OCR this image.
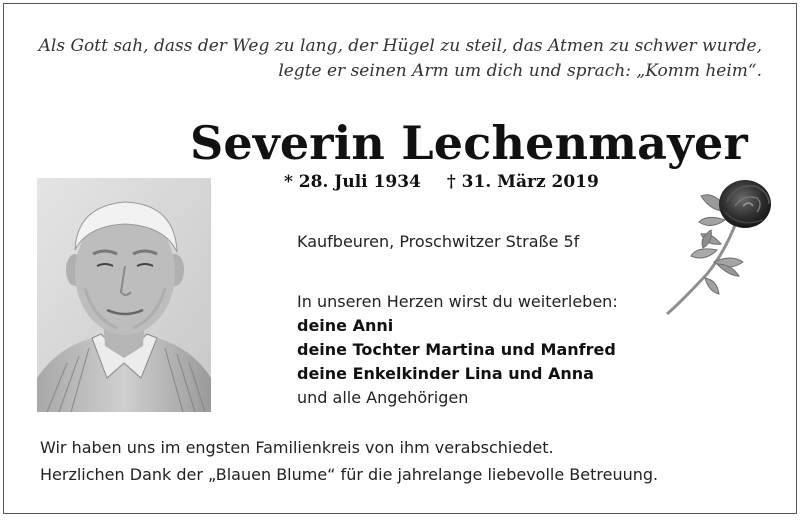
Als Gott sah, dass der Weg zu lang, der Hügel zu steil, das Atmen zu schwer wurde,
legte er seinen Arm um dich und sprach: „Komm heim“.
Severin Lechenmayer
* 28. Juli 1934 † 31. März 2019
Kaufbeuren, Proschwitzer Straße 5f
In unseren Herzen wirst du weiterleben:
deine Anni
deine Tochter Martina und Manfred
deine Enkelkinder Lina und Anna
und alle Angehörigen
Wir haben uns im engsten Familienkreis von ihm verabschiedet.
Herzlichen Dank der „Blauen Blume“ für die jahrelange liebevolle Betreuung.
